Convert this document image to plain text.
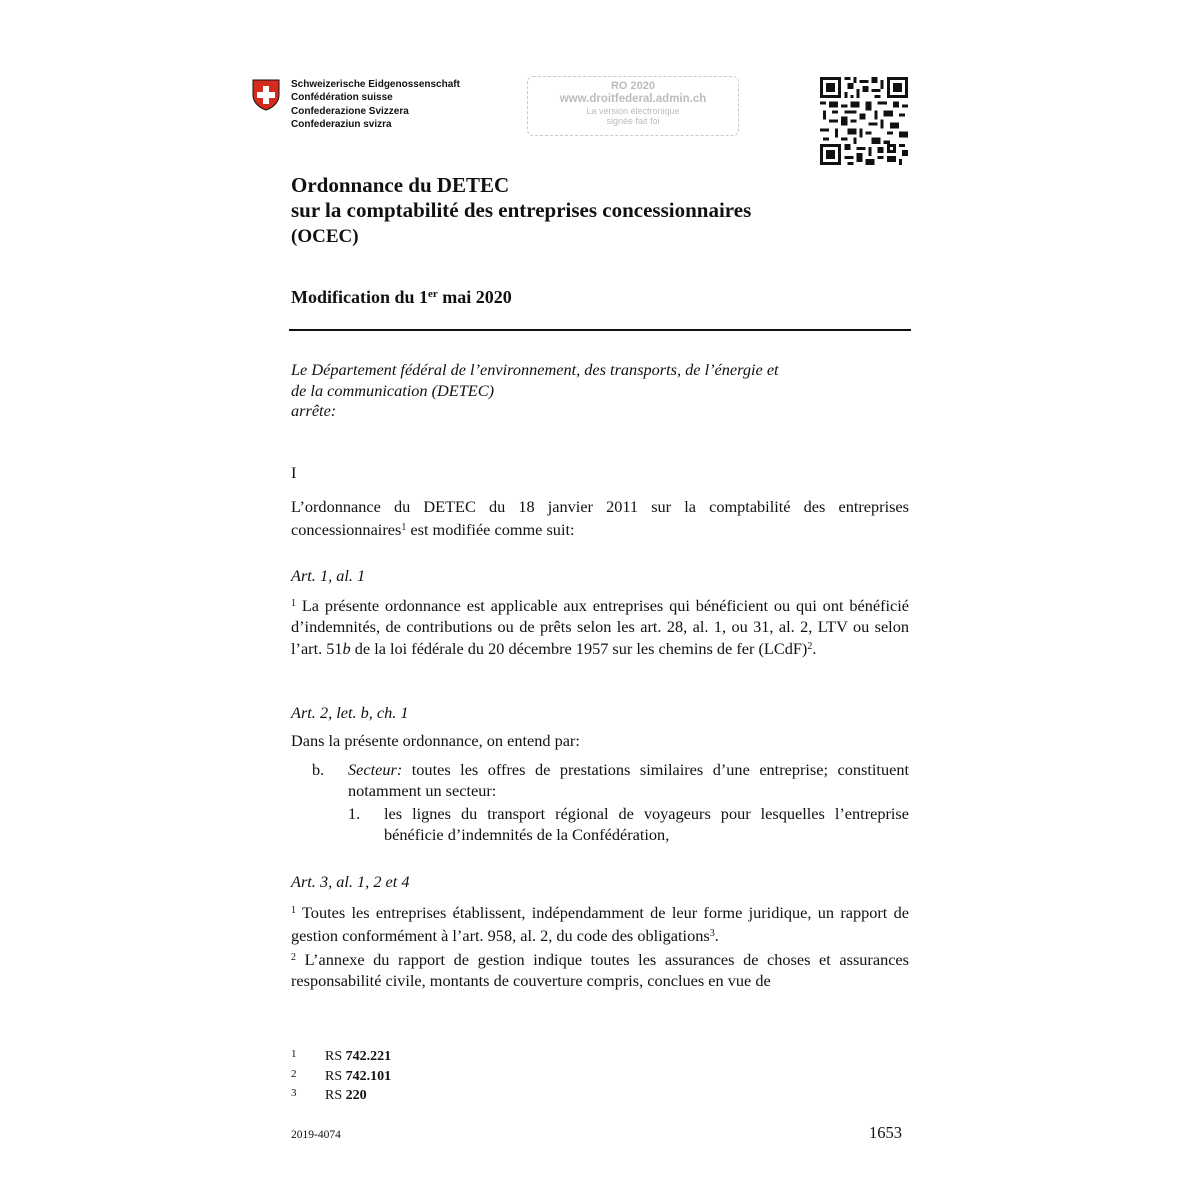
Schweizerische Eidgenossenschaft
Confédération suisse
Confederazione Svizzera
Confederaziun svizra
RO 2020
www.droitfederal.admin.ch
La version électronique
signée fait foi
Ordonnance du DETEC
sur la comptabilité des entreprises concessionnaires
(OCEC)
Modification du 1er mai 2020
Le Département fédéral de l’environnement, des transports, de l’énergie et
de la communication (DETEC)
arrête:
I
L’ordonnance du DETEC du 18 janvier 2011 sur la comptabilité des entreprises concessionnaires$^1$ est modifiée comme suit:
Art. 1, al. 1
$^1$ La présente ordonnance est applicable aux entreprises qui bénéficient ou qui ont bénéficié d’indemnités, de contributions ou de prêts selon les art. 28, al. 1, ou 31, al. 2, LTV ou selon l’art. 51b de la loi fédérale du 20 décembre 1957 sur les chemins de fer (LCdF)$^2$.
Art. 2, let. b, ch. 1
Dans la présente ordonnance, on entend par:
b. Secteur: toutes les offres de prestations similaires d’une entreprise; constituent notamment un secteur:
1. les lignes du transport régional de voyageurs pour lesquelles l’entreprise bénéficie d’indemnités de la Confédération,
Art. 3, al. 1, 2 et 4
$^1$ Toutes les entreprises établissent, indépendamment de leur forme juridique, un rapport de gestion conformément à l’art. 958, al. 2, du code des obligations$^3$.
$^2$ L’annexe du rapport de gestion indique toutes les assurances de choses et assurances responsabilité civile, montants de couverture compris, conclues en vue de
1 RS 742.221
2 RS 742.101
3 RS 220
2019-4074	1653
